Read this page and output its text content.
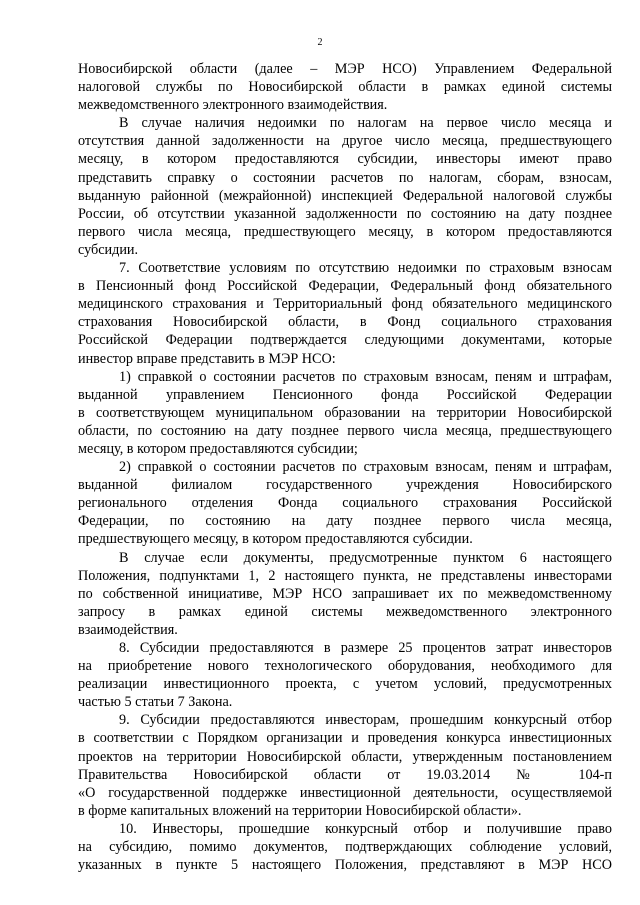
2

Новосибирской области (далее – МЭР НСО) Управлением Федеральной

налоговой службы по Новосибирской области в рамках единой системы

межведомственного электронного взаимодействия.

В случае наличия недоимки по налогам на первое число месяца и

отсутствия данной задолженности на другое число месяца, предшествующего

месяцу, в котором предоставляются субсидии, инвесторы имеют право

представить справку о состоянии расчетов по налогам, сборам, взносам,

выданную районной (межрайонной) инспекцией Федеральной налоговой службы

России, об отсутствии указанной задолженности по состоянию на дату позднее

первого числа месяца, предшествующего месяцу, в котором предоставляются

субсидии.

7. Соответствие условиям по отсутствию недоимки по страховым взносам

в Пенсионный фонд Российской Федерации, Федеральный фонд обязательного

медицинского страхования и Территориальный фонд обязательного медицинского

страхования Новосибирской области, в Фонд социального страхования

Российской Федерации подтверждается следующими документами, которые

инвестор вправе представить в МЭР НСО:

1) справкой о состоянии расчетов по страховым взносам, пеням и штрафам,

выданной управлением Пенсионного фонда Российской Федерации

в соответствующем муниципальном образовании на территории Новосибирской

области, по состоянию на дату позднее первого числа месяца, предшествующего

месяцу, в котором предоставляются субсидии;

2) справкой о состоянии расчетов по страховым взносам, пеням и штрафам,

выданной филиалом государственного учреждения Новосибирского

регионального отделения Фонда социального страхования Российской

Федерации, по состоянию на дату позднее первого числа месяца,

предшествующего месяцу, в котором предоставляются субсидии.

В случае если документы, предусмотренные пунктом 6 настоящего

Положения, подпунктами 1, 2 настоящего пункта, не представлены инвесторами

по собственной инициативе, МЭР НСО запрашивает их по межведомственному

запросу в рамках единой системы межведомственного электронного

взаимодействия.

8. Субсидии предоставляются в размере 25 процентов затрат инвесторов

на приобретение нового технологического оборудования, необходимого для

реализации инвестиционного проекта, с учетом условий, предусмотренных

частью 5 статьи 7 Закона.

9. Субсидии предоставляются инвесторам, прошедшим конкурсный отбор

в соответствии с Порядком организации и проведения конкурса инвестиционных

проектов на территории Новосибирской области, утвержденным постановлением

Правительства Новосибирской области от 19.03.2014 № 104-п

«О государственной поддержке инвестиционной деятельности, осуществляемой

в форме капитальных вложений на территории Новосибирской области».

10. Инвесторы, прошедшие конкурсный отбор и получившие право

на субсидию, помимо документов, подтверждающих соблюдение условий,

указанных в пункте 5 настоящего Положения, представляют в МЭР НСО
